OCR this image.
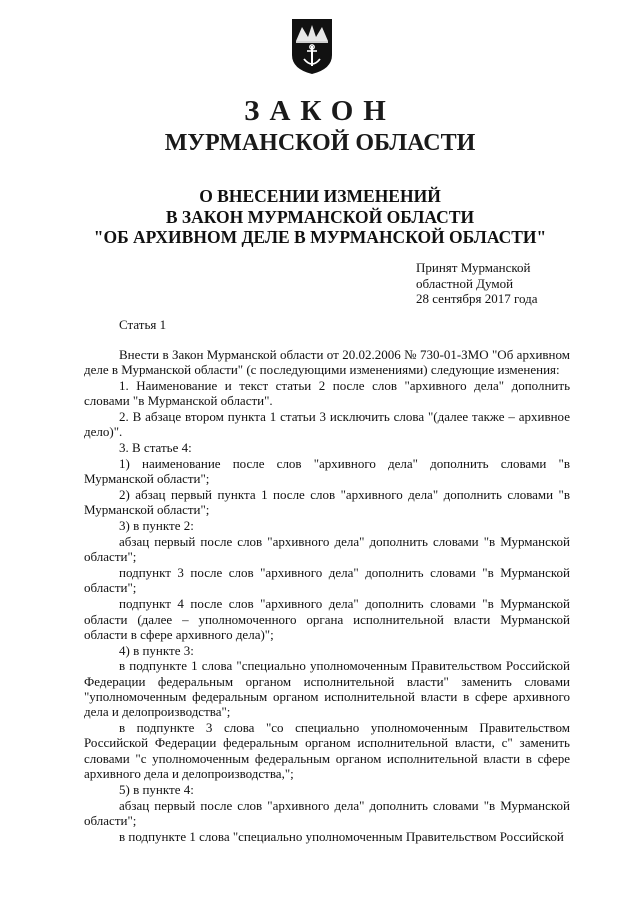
ЗАКОН
МУРМАНСКОЙ ОБЛАСТИ
О ВНЕСЕНИИ ИЗМЕНЕНИЙ
В ЗАКОН МУРМАНСКОЙ ОБЛАСТИ
"ОБ АРХИВНОМ ДЕЛЕ В МУРМАНСКОЙ ОБЛАСТИ"
Принят Мурманской
областной Думой
28 сентября 2017 года
Статья 1

Внести в Закон Мурманской области от 20.02.2006 № 730-01-ЗМО "Об архивном деле в Мурманской области" (с последующими изменениями) следующие изменения:

1. Наименование и текст статьи 2 после слов "архивного дела" дополнить словами "в Мурманской области".

2. В абзаце втором пункта 1 статьи 3 исключить слова "(далее также – архивное дело)".

3. В статье 4:

1) наименование после слов "архивного дела" дополнить словами "в Мурманской области";

2) абзац первый пункта 1 после слов "архивного дела" дополнить словами "в Мурманской области";

3) в пункте 2:

абзац первый после слов "архивного дела" дополнить словами "в Мурманской области";

подпункт 3 после слов "архивного дела" дополнить словами "в Мурманской области";

подпункт 4 после слов "архивного дела" дополнить словами "в Мурманской области (далее – уполномоченного органа исполнительной власти Мурманской области в сфере архивного дела)";

4) в пункте 3:

в подпункте 1 слова "специально уполномоченным Правительством Российской Федерации федеральным органом исполнительной власти" заменить словами "уполномоченным федеральным органом исполнительной власти в сфере архивного дела и делопроизводства";

в подпункте 3 слова "со специально уполномоченным Правительством Российской Федерации федеральным органом исполнительной власти, с" заменить словами "с уполномоченным федеральным органом исполнительной власти в сфере архивного дела и делопроизводства,";

5) в пункте 4:

абзац первый после слов "архивного дела" дополнить словами "в Мурманской области";

в подпункте 1 слова "специально уполномоченным Правительством Российской
